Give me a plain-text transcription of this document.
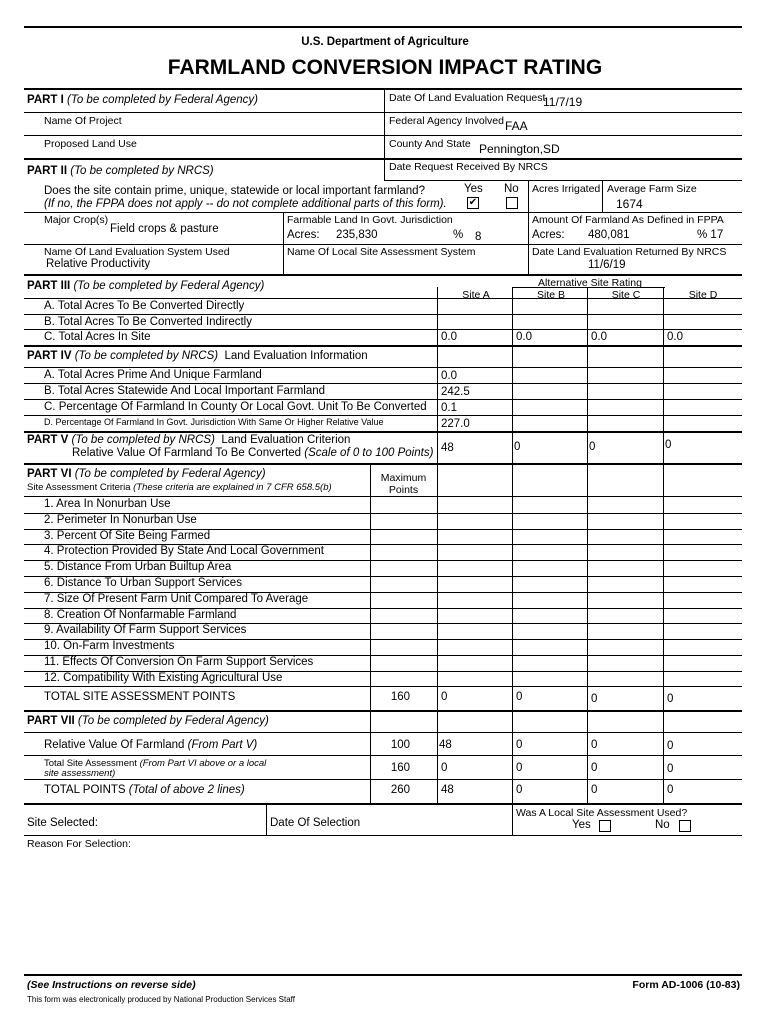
U.S. Department of Agriculture
FARMLAND CONVERSION IMPACT RATING
PART I (To be completed by Federal Agency)	Date Of Land Evaluation Request
11/7/19
Name Of Project	Federal Agency Involved FAA
Proposed Land Use	County And State Pennington,SD
PART II (To be completed by NRCS)	Date Request Received By NRCS
Does the site contain prime, unique, statewide or local important farmland?
(If no, the FPPA does not apply -- do not complete additional parts of this form).
Yes No
✔
Acres Irrigated Average Farm Size
1674
Major Crop(s)
Field crops & pasture
Farmable Land In Govt. Jurisdiction
Acres: 235,830	% 8
Amount Of Farmland As Defined in FPPA
Acres: 480,081	% 17
Name Of Land Evaluation System Used
Relative Productivity
Name Of Local Site Assessment System	Date Land Evaluation Returned By NRCS
11/6/19
PART III (To be completed by Federal Agency)	Alternative Site Rating
Site A	Site B	Site C	Site D
A. Total Acres To Be Converted Directly
B. Total Acres To Be Converted Indirectly
C. Total Acres In Site	0.0	0.0	0.0	0.0
PART IV (To be completed by NRCS) Land Evaluation Information
A. Total Acres Prime And Unique Farmland	0.0
B. Total Acres Statewide And Local Important Farmland	242.5
C. Percentage Of Farmland In County Or Local Govt. Unit To Be Converted 0.1
D. Percentage Of Farmland In Govt. Jurisdiction With Same Or Higher Relative Value	227.0
PART V (To be completed by NRCS) Land Evaluation Criterion
Relative Value Of Farmland To Be Converted (Scale of 0 to 100 Points) 48	0	0	0
PART VI (To be completed by Federal Agency)
Site Assessment Criteria (These criteria are explained in 7 CFR 658.5(b)
Maximum
Points
1. Area In Nonurban Use
2. Perimeter In Nonurban Use
3. Percent Of Site Being Farmed
4. Protection Provided By State And Local Government
5. Distance From Urban Builtup Area
6. Distance To Urban Support Services
7. Size Of Present Farm Unit Compared To Average
8. Creation Of Nonfarmable Farmland
9. Availability Of Farm Support Services
10. On-Farm Investments
11. Effects Of Conversion On Farm Support Services
12. Compatibility With Existing Agricultural Use
TOTAL SITE ASSESSMENT POINTS	160	0	0	0	0
PART VII (To be completed by Federal Agency)
Relative Value Of Farmland (From Part V)	100	48	0	0	0
Total Site Assessment (From Part VI above or a local
site assessment)	160	0	0	0	0
TOTAL POINTS (Total of above 2 lines)	260	48	0	0	0
Site Selected:	Date Of Selection
Was A Local Site Assessment Used?
Yes	No
Reason For Selection:
(See Instructions on reverse side)	Form AD-1006 (10-83)
This form was electronically produced by National Production Services Staff
